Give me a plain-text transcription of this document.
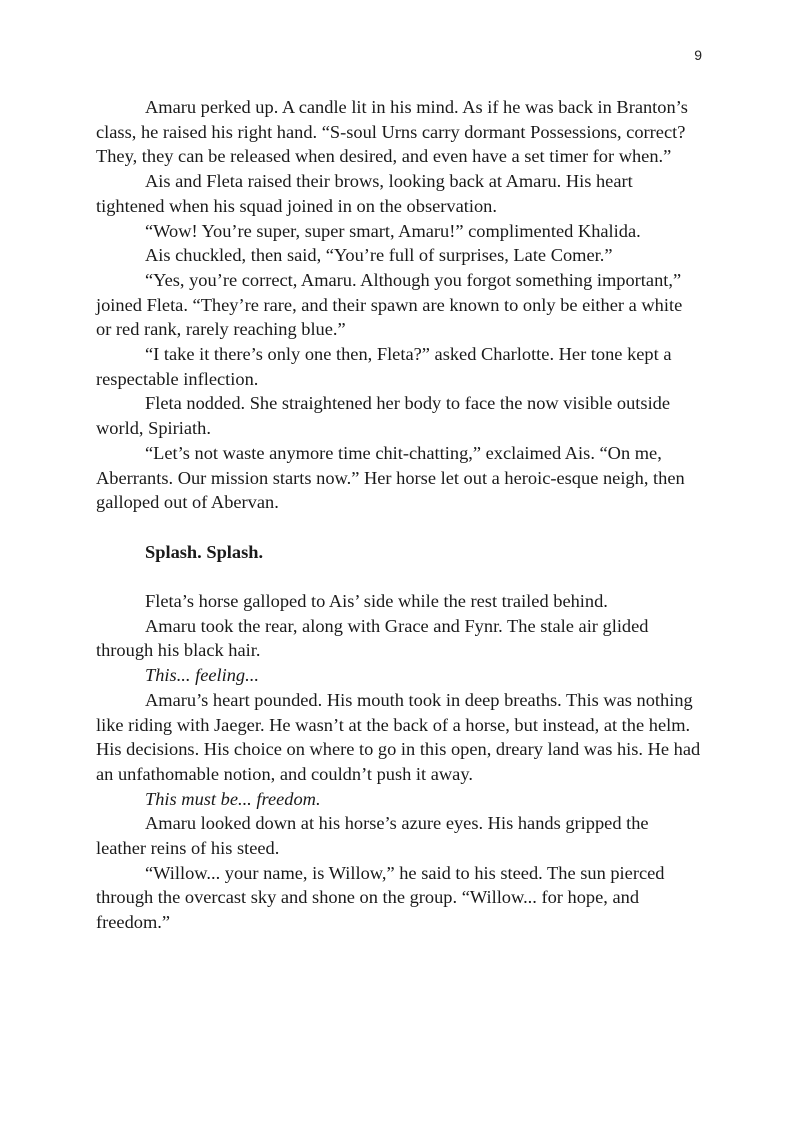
9

Amaru perked up. A candle lit in his mind. As if he was back in Branton’s class, he raised his right hand. “S-soul Urns carry dormant Possessions, correct? They, they can be released when desired, and even have a set timer for when.”

Ais and Fleta raised their brows, looking back at Amaru. His heart tightened when his squad joined in on the observation.

“Wow! You’re super, super smart, Amaru!” complimented Khalida.

Ais chuckled, then said, “You’re full of surprises, Late Comer.”

“Yes, you’re correct, Amaru. Although you forgot something important,” joined Fleta. “They’re rare, and their spawn are known to only be either a white or red rank, rarely reaching blue.”

“I take it there’s only one then, Fleta?” asked Charlotte. Her tone kept a respectable inflection.

Fleta nodded. She straightened her body to face the now visible outside world, Spiriath.

“Let’s not waste anymore time chit-chatting,” exclaimed Ais. “On me, Aberrants. Our mission starts now.” Her horse let out a heroic-esque neigh, then galloped out of Abervan.

Splash. Splash.

Fleta’s horse galloped to Ais’ side while the rest trailed behind.

Amaru took the rear, along with Grace and Fynr. The stale air glided through his black hair.

This... feeling...

Amaru’s heart pounded. His mouth took in deep breaths. This was nothing like riding with Jaeger. He wasn’t at the back of a horse, but instead, at the helm. His decisions. His choice on where to go in this open, dreary land was his. He had an unfathomable notion, and couldn’t push it away.

This must be... freedom.

Amaru looked down at his horse’s azure eyes. His hands gripped the leather reins of his steed.

“Willow... your name, is Willow,” he said to his steed. The sun pierced through the overcast sky and shone on the group. “Willow... for hope, and freedom.”
